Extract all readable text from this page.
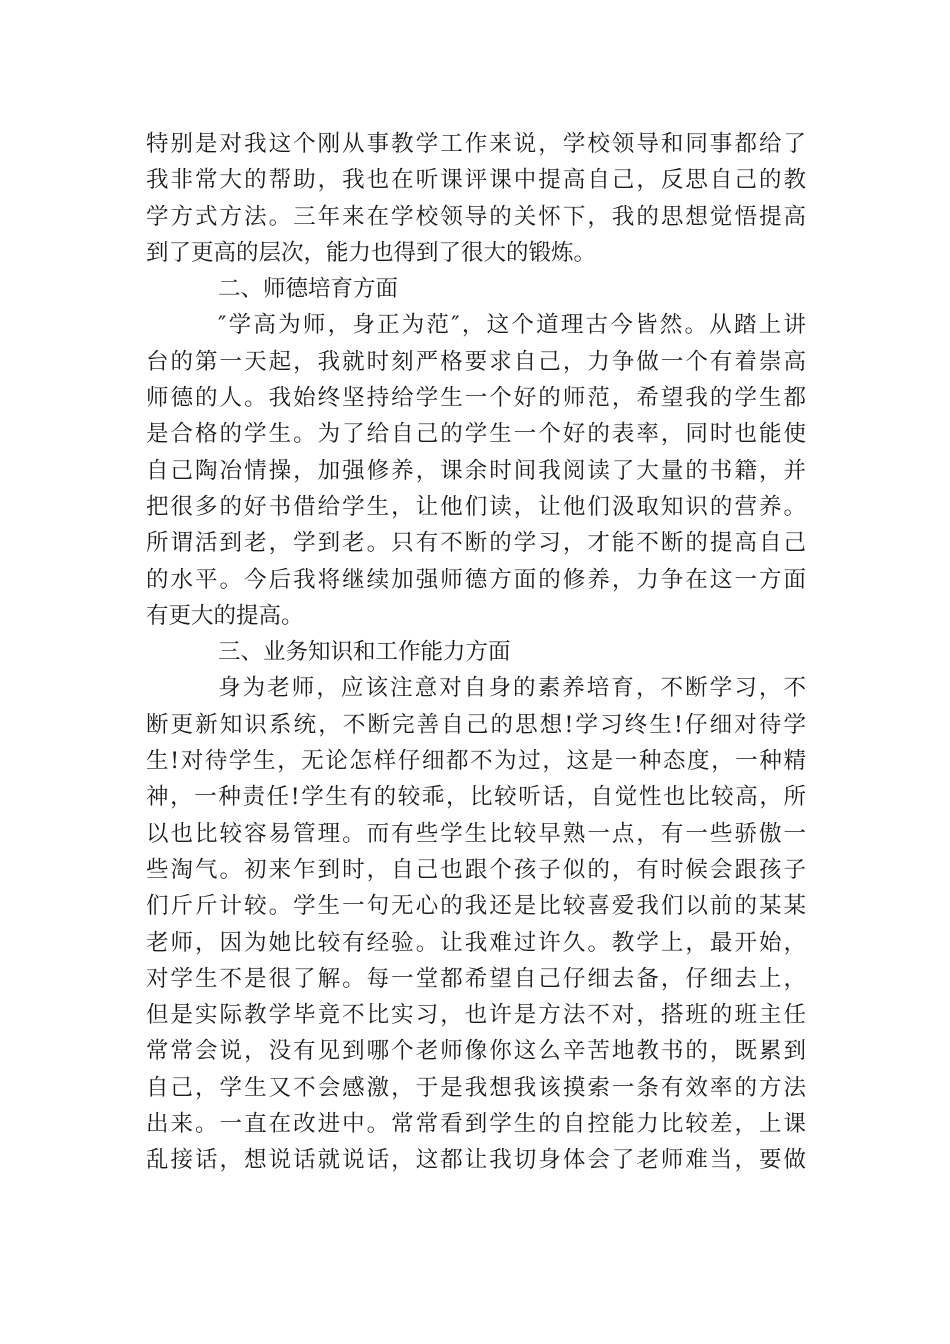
特别是对我这个刚从事教学工作来说，学校领导和同事都给了
我非常大的帮助，我也在听课评课中提高自己，反思自己的教
学方式方法。三年来在学校领导的关怀下，我的思想觉悟提高
到了更高的层次，能力也得到了很大的锻炼。
二、师德培育方面
″学高为师，身正为范″，这个道理古今皆然。从踏上讲
台的第一天起，我就时刻严格要求自己，力争做一个有着崇高
师德的人。我始终坚持给学生一个好的师范，希望我的学生都
是合格的学生。为了给自己的学生一个好的表率，同时也能使
自己陶冶情操，加强修养，课余时间我阅读了大量的书籍，并
把很多的好书借给学生，让他们读，让他们汲取知识的营养。
所谓活到老，学到老。只有不断的学习，才能不断的提高自己
的水平。今后我将继续加强师德方面的修养，力争在这一方面
有更大的提高。
三、业务知识和工作能力方面
身为老师，应该注意对自身的素养培育，不断学习，不
断更新知识系统，不断完善自己的思想!学习终生!仔细对待学
生!对待学生，无论怎样仔细都不为过，这是一种态度，一种精
神，一种责任!学生有的较乖，比较听话，自觉性也比较高，所
以也比较容易管理。而有些学生比较早熟一点，有一些骄傲一
些淘气。初来乍到时，自己也跟个孩子似的，有时候会跟孩子
们斤斤计较。学生一句无心的我还是比较喜爱我们以前的某某
老师，因为她比较有经验。让我难过许久。教学上，最开始，
对学生不是很了解。每一堂都希望自己仔细去备，仔细去上，
但是实际教学毕竟不比实习，也许是方法不对，搭班的班主任
常常会说，没有见到哪个老师像你这么辛苦地教书的，既累到
自己，学生又不会感激，于是我想我该摸索一条有效率的方法
出来。一直在改进中。常常看到学生的自控能力比较差，上课
乱接话，想说话就说话，这都让我切身体会了老师难当，要做
